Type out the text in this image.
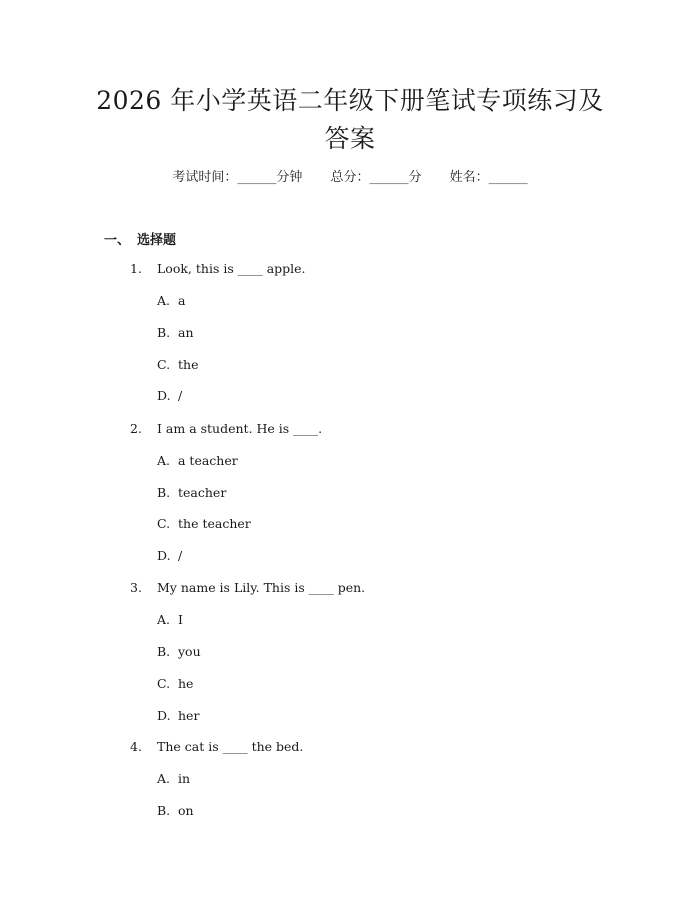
2026 年小学英语二年级下册笔试专项练习及
答案
考试时间：______分钟 总分：______分 姓名：______
一、 选择题
1. Look, this is ____ apple.
A. a
B. an
C. the
D. /
2. I am a student. He is ____.
A. a teacher
B. teacher
C. the teacher
D. /
3. My name is Lily. This is ____ pen.
A. I
B. you
C. he
D. her
4. The cat is ____ the bed.
A. in
B. on
